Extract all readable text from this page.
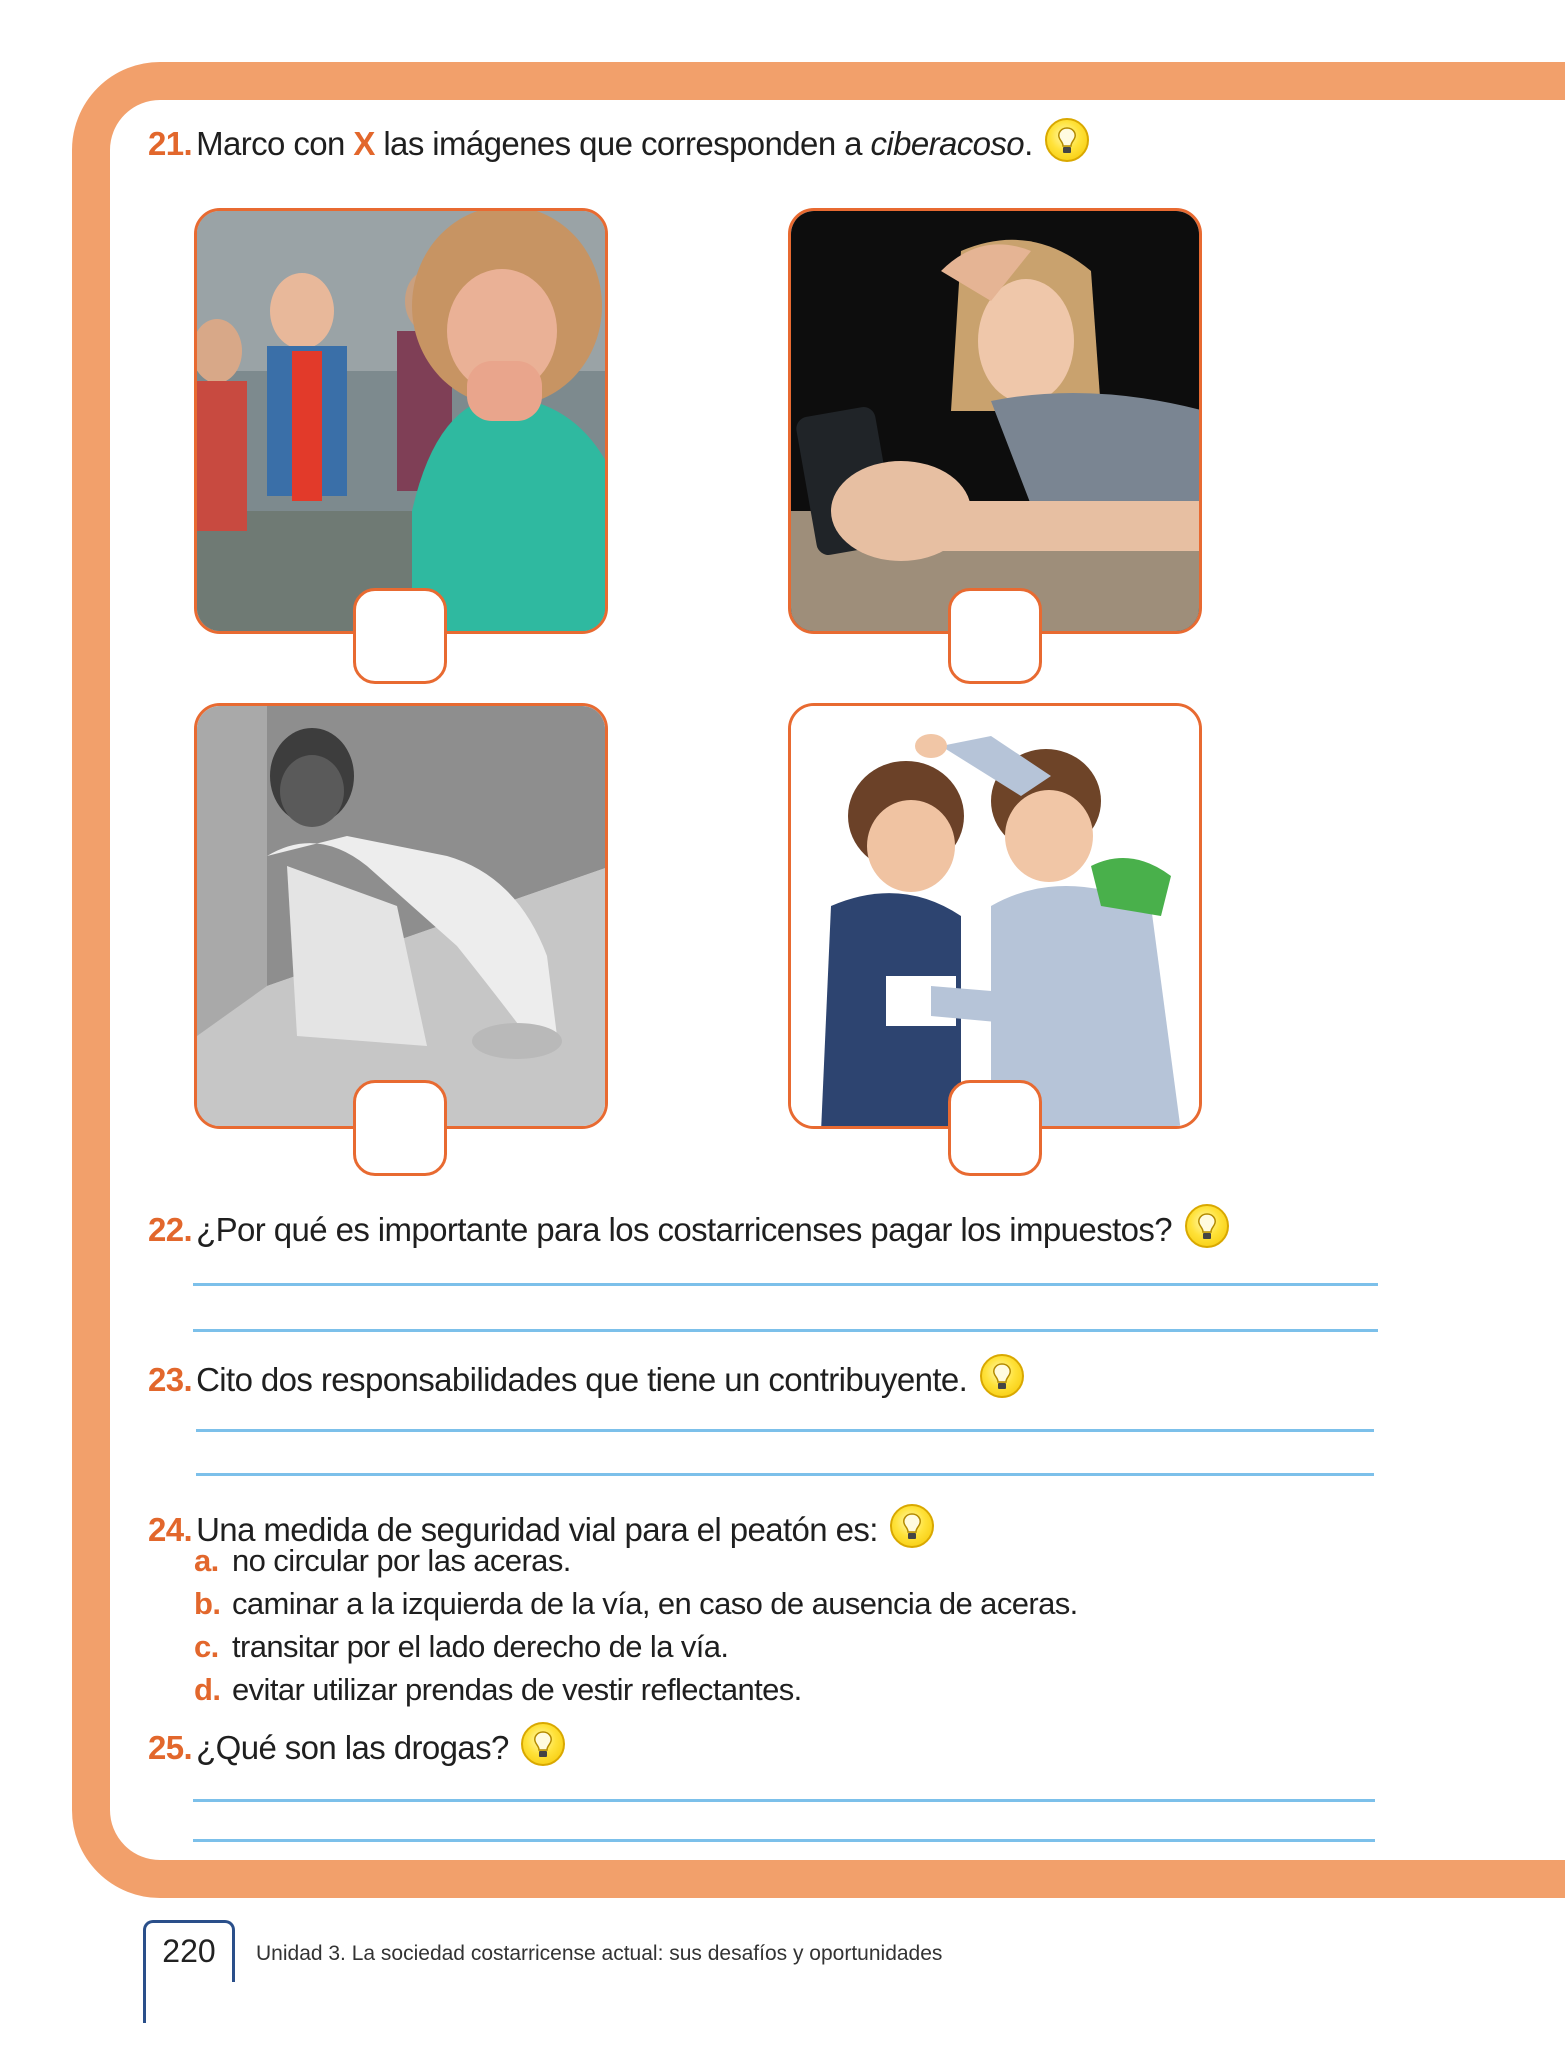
21. Marco con X las imágenes que corresponden a ciberacoso.
22. ¿Por qué es importante para los costarricenses pagar los impuestos?
23. Cito dos responsabilidades que tiene un contribuyente.
24. Una medida de seguridad vial para el peatón es:
a. no circular por las aceras.
b. caminar a la izquierda de la vía, en caso de ausencia de aceras.
c. transitar por el lado derecho de la vía.
d. evitar utilizar prendas de vestir reflectantes.
25. ¿Qué son las drogas?
220	Unidad 3. La sociedad costarricense actual: sus desafíos y oportunidades
